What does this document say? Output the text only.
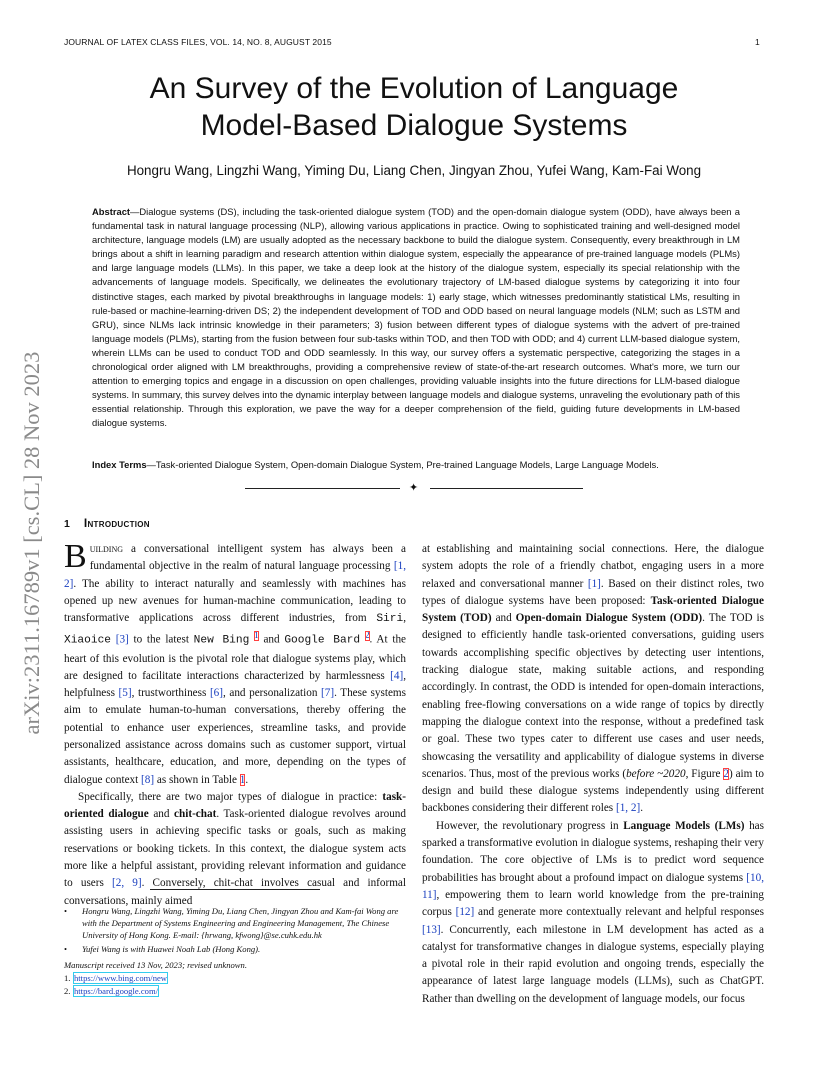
JOURNAL OF LATEX CLASS FILES, VOL. 14, NO. 8, AUGUST 2015	1
arXiv:2311.16789v1 [cs.CL] 28 Nov 2023
An Survey of the Evolution of Language
Model-Based Dialogue Systems
Hongru Wang, Lingzhi Wang, Yiming Du, Liang Chen, Jingyan Zhou, Yufei Wang, Kam-Fai Wong
Abstract—Dialogue systems (DS), including the task-oriented dialogue system (TOD) and the open-domain dialogue system (ODD), have always been a fundamental task in natural language processing (NLP), allowing various applications in practice. Owing to sophisticated training and well-designed model architecture, language models (LM) are usually adopted as the necessary backbone to build the dialogue system. Consequently, every breakthrough in LM brings about a shift in learning paradigm and research attention within dialogue system, especially the appearance of pre-trained language models (PLMs) and large language models (LLMs). In this paper, we take a deep look at the history of the dialogue system, especially its special relationship with the advancements of language models. Specifically, we delineates the evolutionary trajectory of LM-based dialogue systems by categorizing it into four distinctive stages, each marked by pivotal breakthroughs in language models: 1) early stage, which witnesses predominantly statistical LMs, resulting in rule-based or machine-learning-driven DS; 2) the independent development of TOD and ODD based on neural language models (NLM; such as LSTM and GRU), since NLMs lack intrinsic knowledge in their parameters; 3) fusion between different types of dialogue systems with the advert of pre-trained language models (PLMs), starting from the fusion between four sub-tasks within TOD, and then TOD with ODD; and 4) current LLM-based dialogue system, wherein LLMs can be used to conduct TOD and ODD seamlessly. In this way, our survey offers a systematic perspective, categorizing the stages in a chronological order aligned with LM breakthroughs, providing a comprehensive review of state-of-the-art research outcomes. What's more, we turn our attention to emerging topics and engage in a discussion on open challenges, providing valuable insights into the future directions for LLM-based dialogue systems. In summary, this survey delves into the dynamic interplay between language models and dialogue systems, unraveling the evolutionary path of this essential relationship. Through this exploration, we pave the way for a deeper comprehension of the field, guiding future developments in LM-based dialogue systems.
Index Terms—Task-oriented Dialogue System, Open-domain Dialogue System, Pre-trained Language Models, Large Language Models.
✦
1 Introduction

Building a conversational intelligent system has always been a fundamental objective in the realm of natural language processing [1, 2]. The ability to interact naturally and seamlessly with machines has opened up new avenues for human-machine communication, leading to transformative applications across different industries, from Siri, Xiaoice [3] to the latest New Bing $^1$ and Google Bard $^2$. At the heart of this evolution is the pivotal role that dialogue systems play, which are designed to facilitate interactions characterized by harmlessness [4], helpfulness [5], trustworthiness [6], and personalization [7]. These systems aim to emulate human-to-human conversations, thereby offering the potential to enhance user experiences, streamline tasks, and provide personalized assistance across domains such as customer support, virtual assistants, healthcare, education, and more, depending on the types of dialogue context [8] as shown in Table 1.

Specifically, there are two major types of dialogue in practice: task-oriented dialogue and chit-chat. Task-oriented dialogue revolves around assisting users in achieving specific tasks or goals, such as making reservations or booking tickets. In this context, the dialogue system acts more like a helpful assistant, providing relevant information and guidance to users [2, 9]. Conversely, chit-chat involves casual and informal conversations, mainly aimed

• Hongru Wang, Lingzhi Wang, Yiming Du, Liang Chen, Jingyan Zhou and Kam-fai Wong are with the Department of Systems Engineering and Engineering Management, The Chinese University of Hong Kong. E-mail: {hrwang, kfwong}@se.cuhk.edu.hk
• Yufei Wang is with Huawei Noah Lab (Hong Kong).
Manuscript received 13 Nov, 2023; revised unknown.
1. https://www.bing.com/new
2. https://bard.google.com/

at establishing and maintaining social connections. Here, the dialogue system adopts the role of a friendly chatbot, engaging users in a more relaxed and conversational manner [1]. Based on their distinct roles, two types of dialogue systems have been proposed: Task-oriented Dialogue System (TOD) and Open-domain Dialogue System (ODD). The TOD is designed to efficiently handle task-oriented conversations, guiding users towards accomplishing specific objectives by detecting user intentions, tracking dialogue state, making suitable actions, and responding accordingly. In contrast, the ODD is intended for open-domain interactions, enabling free-flowing conversations on a wide range of topics by directly mapping the dialogue context into the response, without a predefined task or goal. These two types cater to different use cases and user needs, showcasing the versatility and applicability of dialogue systems in diverse scenarios. Thus, most of the previous works (before ~2020, Figure 2) aim to design and build these dialogue systems independently using different backbones considering their different roles [1, 2].

However, the revolutionary progress in Language Models (LMs) has sparked a transformative evolution in dialogue systems, reshaping their very foundation. The core objective of LMs is to predict word sequence probabilities has brought about a profound impact on dialogue systems [10, 11], empowering them to learn world knowledge from the pre-training corpus [12] and generate more contextually relevant and helpful responses [13]. Concurrently, each milestone in LM development has acted as a catalyst for transformative changes in dialogue systems, especially playing a pivotal role in their rapid evolution and ongoing trends, especially the appearance of latest large language models (LLMs), such as ChatGPT. Rather than dwelling on the development of language models, our focus
